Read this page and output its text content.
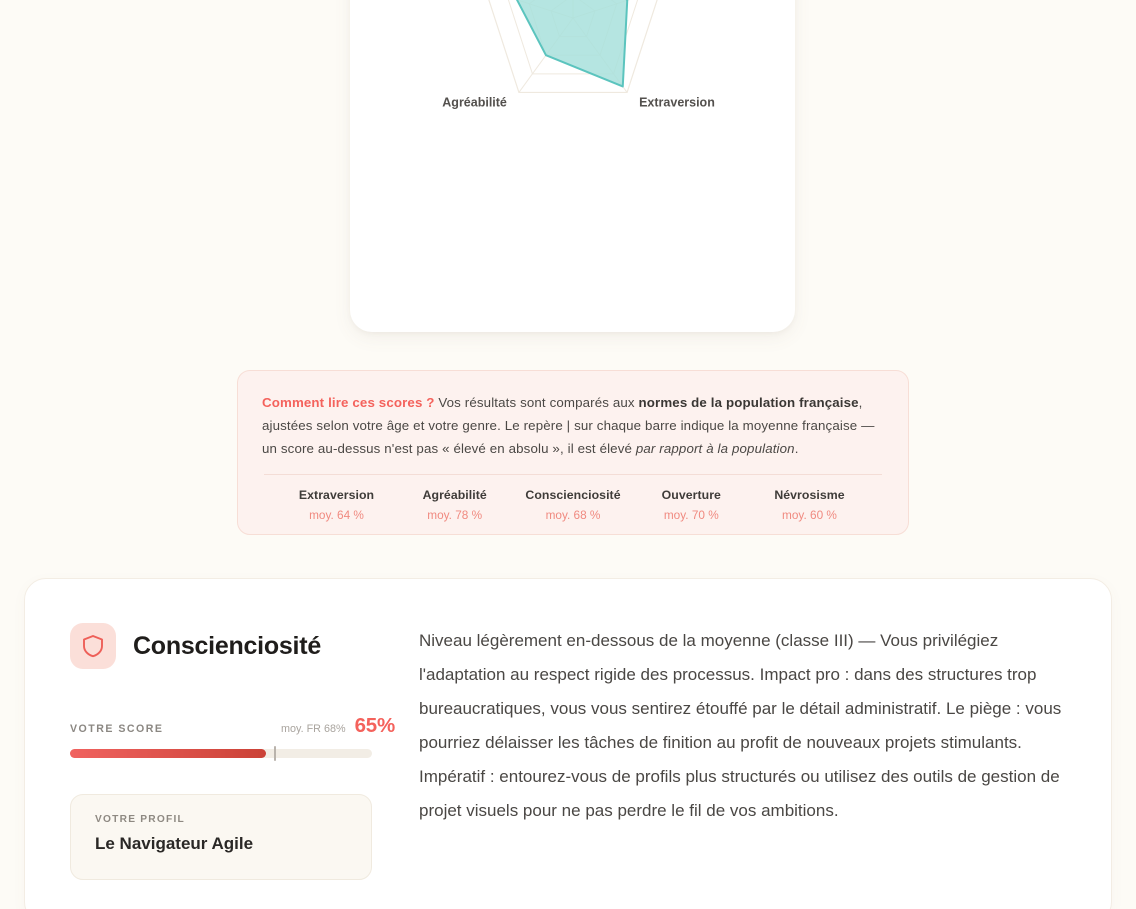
Extraversion
Agréabilité

Comment lire ces scores ? Vos résultats sont comparés aux normes de la population française, ajustées selon votre âge et votre genre. Le repère | sur chaque barre indique la moyenne française — un score au-dessus n'est pas « élevé en absolu », il est élevé par rapport à la population.

Extraversion
moy. 64 %
Agréabilité
moy. 78 %
Conscienciosité
moy. 68 %
Ouverture
moy. 70 %
Névrosisme
moy. 60 %
Conscienciosité
VOTRE SCORE	moy. FR 68% 65%
VOTRE PROFIL
Le Navigateur Agile
Niveau légèrement en-dessous de la moyenne (classe III) — Vous privilégiez l'adaptation au respect rigide des processus. Impact pro : dans des structures trop bureaucratiques, vous vous sentirez étouffé par le détail administratif. Le piège : vous pourriez délaisser les tâches de finition au profit de nouveaux projets stimulants. Impératif : entourez-vous de profils plus structurés ou utilisez des outils de gestion de projet visuels pour ne pas perdre le fil de vos ambitions.
